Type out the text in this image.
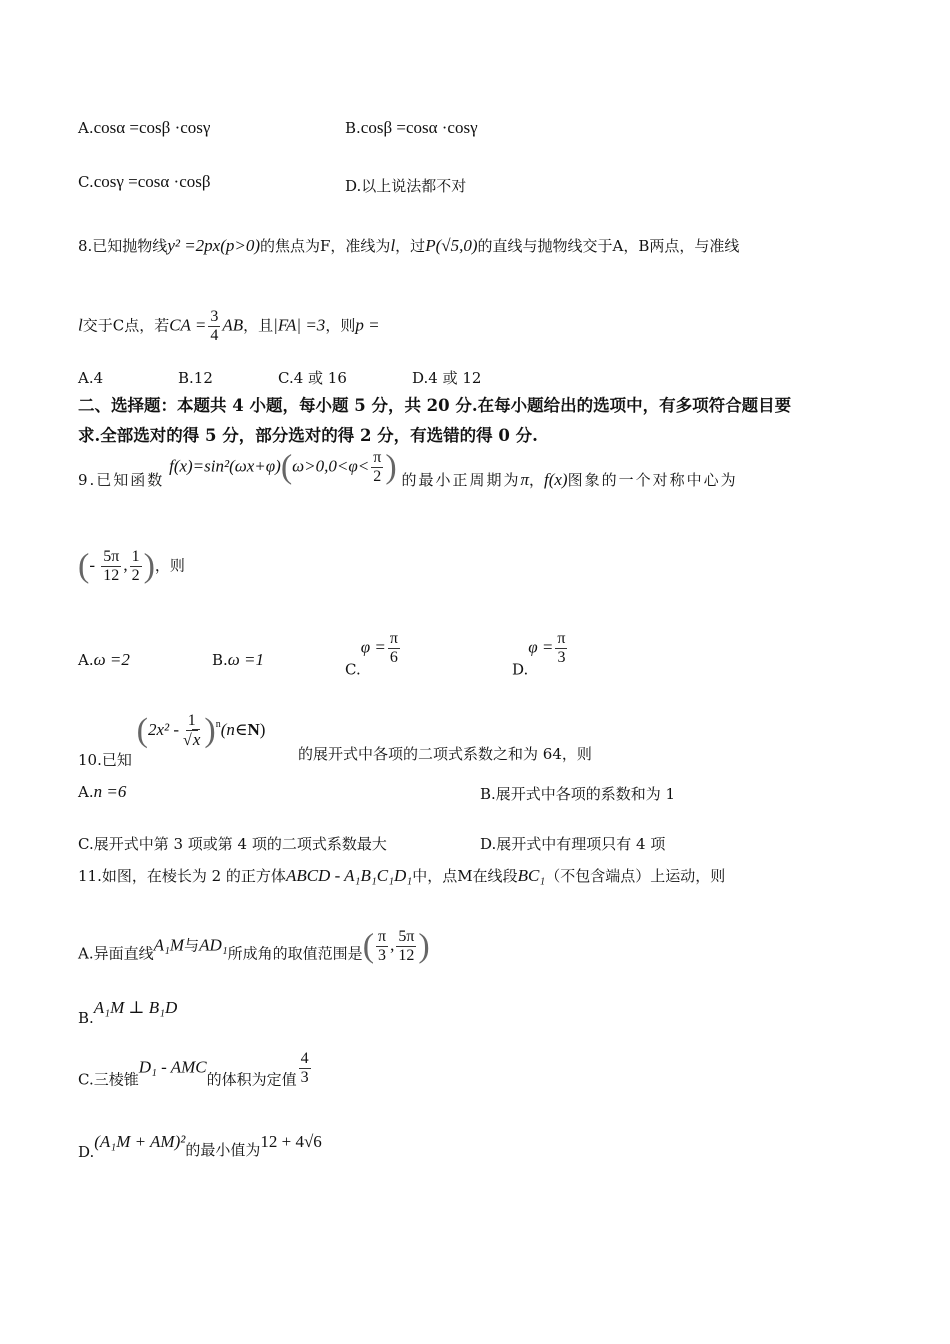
A.cosα =cosβ ·cosγ	B.cosβ =cosα ·cosγ
C.cosγ =cosα ·cosβ	D.以上说法都不对
8.已知抛物线y² =2px(p>0)的焦点为F，准线为l，过P(√5,0)的直线与抛物线交于A，B两点，与准线
l交于C点，若CA = $\frac{3}{4}$ AB，且|FA| =3，则p =
A.4	B.12	C.4 或 16	D.4 或 12
二、选择题：本题共 4 小题，每小题 5 分，共 20 分.在每小题给出的选项中，有多项符合题目要
求.全部选对的得 5 分，部分选对的得 2 分，有选错的得 0 分.
9.已知函数 $f(x)=\sin^2(\omega x+\varphi)(\omega>0,0<\varphi< \frac{\pi}{2}$ ) 的最小正周期为π，f(x)图象的一个对称中心为
(- $\frac{5\pi}{12}$ , $\frac{1}{2}$ )，则
A.ω =2	B.ω =1
$C.\varphi = \frac{\pi}{6}$
$D.\varphi = \frac{\pi}{3}$
10.已知 ($2x^2 - \frac{1}{√x}$ )$^n$(n∈N)
的展开式中各项的二项式系数之和为 64，则
A.n =6	B.展开式中各项的系数和为 1
C.展开式中第 3 项或第 4 项的二项式系数最大	D.展开式中有理项只有 4 项
11.如图，在棱长为 2 的正方体ABCD - A₁B₁C₁D₁中，点M在线段BC₁（不包含端点）上运动，则
A.异面直线A₁M与AD₁所成角的取值范围是( $\frac{\pi}{3}$ , $\frac{5\pi}{12}$ )
B.A₁M ⊥ B₁D
C.三棱锥D₁ - AMC的体积为定值 $\frac{4}{3}$
D.(A₁M + AM)²的最小值为12 + 4√6
